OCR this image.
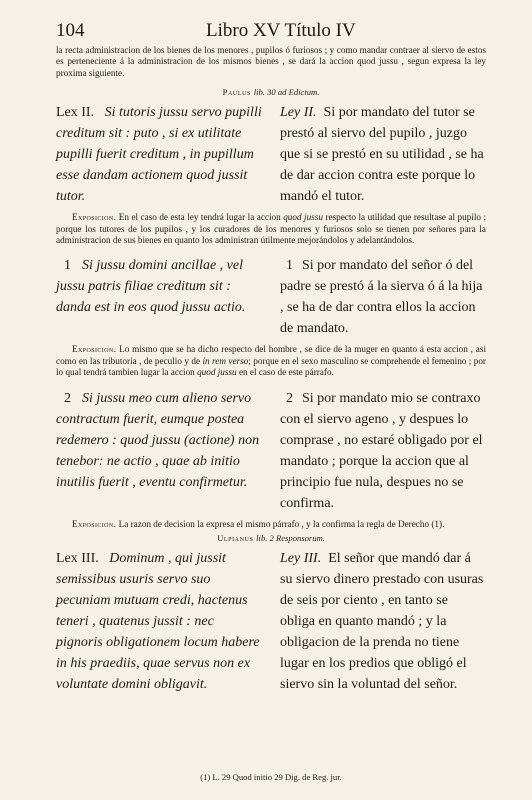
104	Libro XV Título IV
la recta administracion de los bienes de los menores , pupilos ó furiosos ; y como mandar contraer al siervo de estos es perteneciente á la administracion de los mismos bienes , se dará la accion quod jussu , segun expresa la ley proxima siguiente.
Paulus lib. 30 ad Edictum.
Lex II. Si tutoris jussu servo pupilli creditum sit : puto , si ex utilitate pupilli fuerit creditum , in pupillum esse dandam actionem quod jussit tutor.
Ley II. Si por mandato del tutor se prestó al siervo del pupilo , juzgo que si se prestó en su utilidad , se ha de dar accion contra este porque lo mandó el tutor.
Exposicion. En el caso de esta ley tendrá lugar la accion quod jussu respecto la utilidad que resultase al pupilo ; porque los tutores de los pupilos , y los curadores de los menores y furiosos solo se tienen por señores para la administracion de sus bienes en quanto los administran útilmente mejorándolos y adelantándolos.
1 Si jussu domini ancillae , vel jussu patris filiae creditum sit : danda est in eos quod jussu actio.
1 Si por mandato del señor ó del padre se prestó á la sierva ó á la hija , se ha de dar contra ellos la accion de mandato.
Exposicion. Lo mismo que se ha dicho respecto del hombre , se dice de la muger en quanto á esta accion , asi como en las tributoria , de peculio y de in rem verso; porque en el sexo masculino se comprehende el femenino ; por lo qual tendrá tambien lugar la accion quod jussu en el caso de este párrafo.
2 Si jussu meo cum alieno servo contractum fuerit, eumque postea redemero : quod jussu (actione) non tenebor: ne actio , quae ab initio inutilis fuerit , eventu confirmetur.
2 Si por mandato mio se contraxo con el siervo ageno , y despues lo comprase , no estaré obligado por el mandato ; porque la accion que al principio fue nula, despues no se confirma.
Exposicion. La razon de decision la expresa el mismo párrafo , y la confirma la regla de Derecho (1).
Ulpianus lib. 2 Responsorum.
Lex III. Dominum , qui jussit semissibus usuris servo suo pecuniam mutuam credi, hactenus teneri , quatenus jussit : nec pignoris obligationem locum habere in his praediis, quae servus non ex voluntate domini obligavit.
Ley III. El señor que mandó dar á su siervo dinero prestado con usuras de seis por ciento , en tanto se obliga en quanto mandó ; y la obligacion de la prenda no tiene lugar en los predios que obligó el siervo sin la voluntad del señor.
(1) L. 29 Quod initio 29 Dig. de Reg. jur.
